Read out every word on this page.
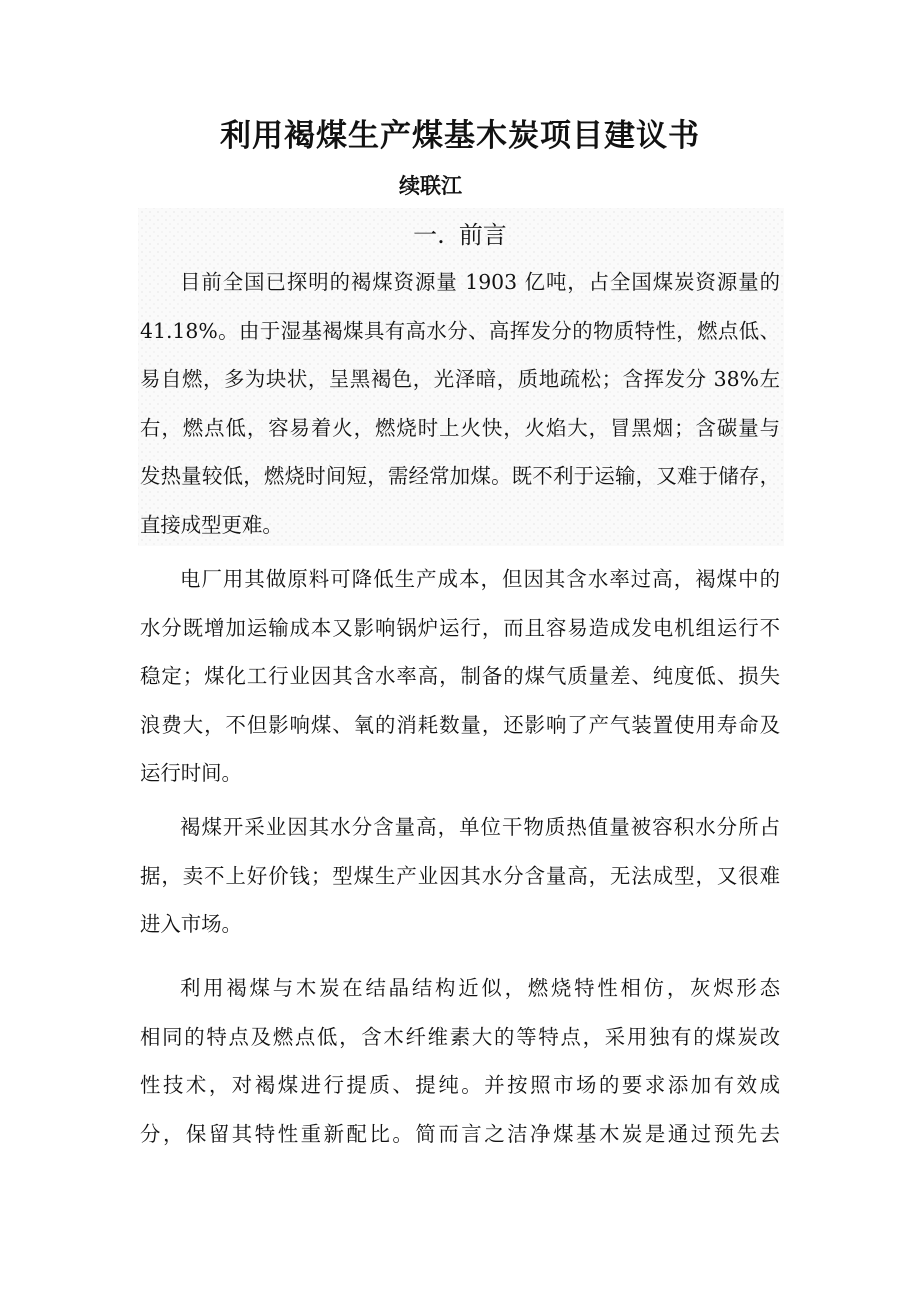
利用褐煤生产煤基木炭项目建议书
续联江
一. 前言

目前全国已探明的褐煤资源量 1903 亿吨，占全国煤炭资源量的
41.18%。由于湿基褐煤具有高水分、高挥发分的物质特性，燃点低、
易自燃，多为块状，呈黑褐色，光泽暗，质地疏松；含挥发分 38%左
右，燃点低，容易着火，燃烧时上火快，火焰大，冒黑烟；含碳量与
发热量较低，燃烧时间短，需经常加煤。既不利于运输，又难于储存，
直接成型更难。

电厂用其做原料可降低生产成本，但因其含水率过高，褐煤中的
水分既增加运输成本又影响锅炉运行，而且容易造成发电机组运行不
稳定；煤化工行业因其含水率高，制备的煤气质量差、纯度低、损失
浪费大，不但影响煤、氧的消耗数量，还影响了产气装置使用寿命及
运行时间。

褐煤开采业因其水分含量高，单位干物质热值量被容积水分所占
据，卖不上好价钱；型煤生产业因其水分含量高，无法成型，又很难
进入市场。

利用褐煤与木炭在结晶结构近似，燃烧特性相仿，灰烬形态
相同的特点及燃点低，含木纤维素大的等特点，采用独有的煤炭改
性技术，对褐煤进行提质、提纯。并按照市场的要求添加有效成
分，保留其特性重新配比。简而言之洁净煤基木炭是通过预先去
